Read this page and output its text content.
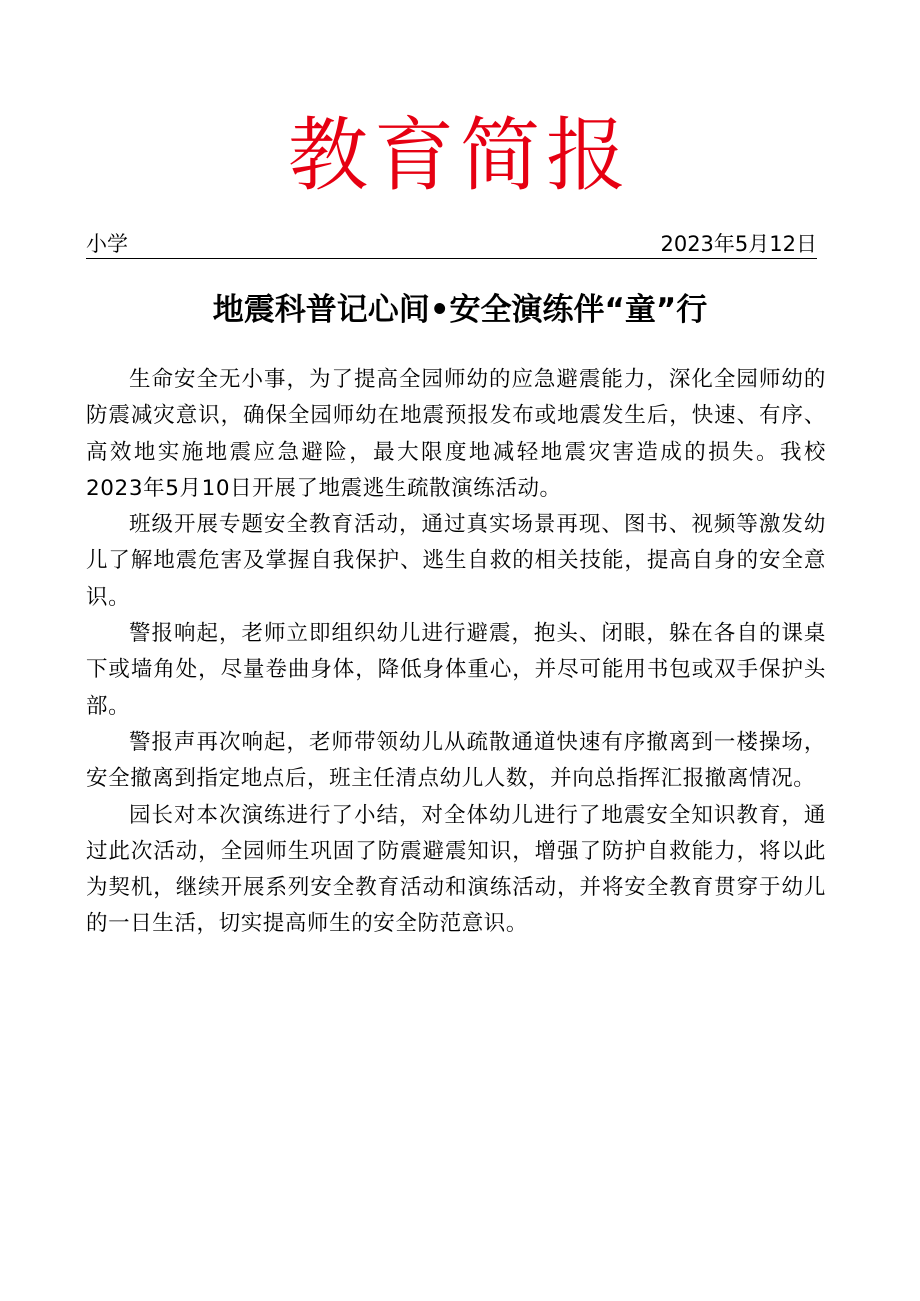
教育简报
小学	2023年5月12日
地震科普记心间•安全演练伴“童”行

生命安全无小事，为了提高全园师幼的应急避震能力，深化全园师幼的防震减灾意识，确保全园师幼在地震预报发布或地震发生后，快速、有序、高效地实施地震应急避险，最大限度地减轻地震灾害造成的损失。我校2023年5月10日开展了地震逃生疏散演练活动。

班级开展专题安全教育活动，通过真实场景再现、图书、视频等激发幼儿了解地震危害及掌握自我保护、逃生自救的相关技能，提高自身的安全意识。

警报响起，老师立即组织幼儿进行避震，抱头、闭眼，躲在各自的课桌下或墙角处，尽量卷曲身体，降低身体重心，并尽可能用书包或双手保护头部。

警报声再次响起，老师带领幼儿从疏散通道快速有序撤离到一楼操场，安全撤离到指定地点后，班主任清点幼儿人数，并向总指挥汇报撤离情况。

园长对本次演练进行了小结，对全体幼儿进行了地震安全知识教育，通过此次活动，全园师生巩固了防震避震知识，增强了防护自救能力，将以此为契机，继续开展系列安全教育活动和演练活动，并将安全教育贯穿于幼儿的一日生活，切实提高师生的安全防范意识。
